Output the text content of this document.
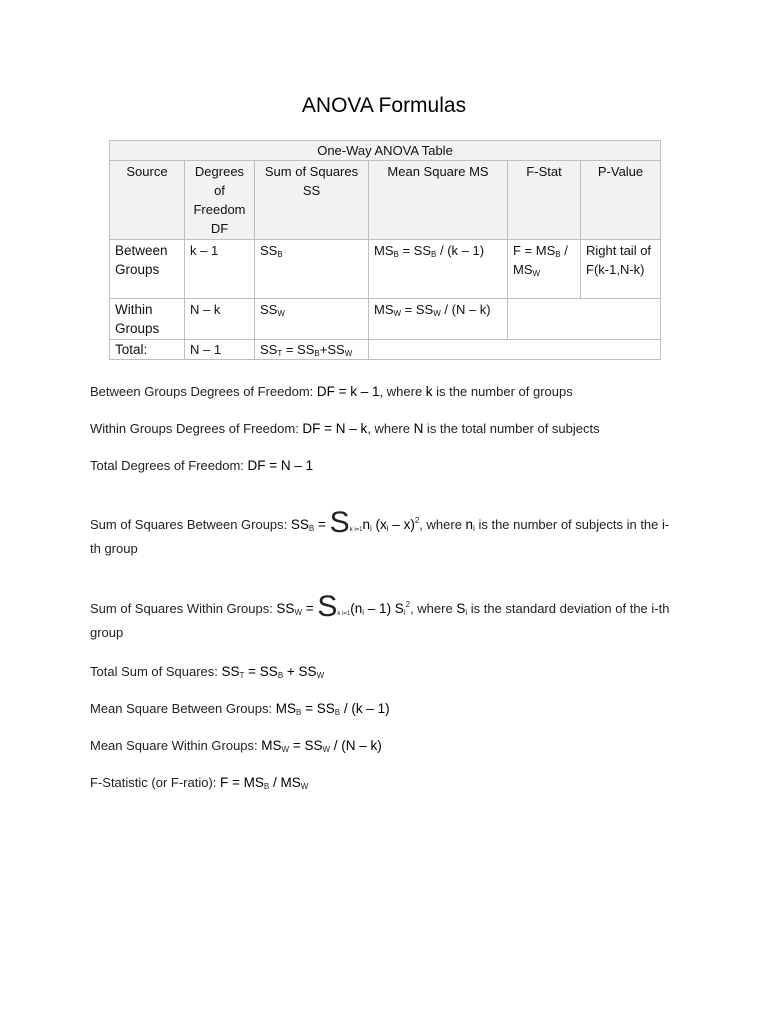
ANOVA Formulas
One-Way ANOVA Table					
Source	Degrees of Freedom DF	Sum of Squares SS	Mean Square MS	F-Stat	P-Value
Between Groups	k – 1	$SS_B$	$MS_B = SS_B / (k - 1)$	$F = MS_B / MS_W$	Right tail of F(k-1,N-k)
Within Groups	N – k	$SS_W$	$MS_W = SS_W / (N - k)$		
Total:	N – 1	$SS_T = SS_B+SS_W$	
Between Groups Degrees of Freedom: DF = k – 1, where k is the number of groups
Within Groups Degrees of Freedom: DF = N – k, where N is the total number of subjects
Total Degrees of Freedom: DF = N – 1
Sum of Squares Between Groups: $SS_B = Sk$ $i=1n_i$ $(x_i - x)^2$, where $n_i$ is the number of subjects in the i-th group
Sum of Squares Within Groups: $SS_W = Sk$ $i=1(n_i - 1)$ $S_i^2$, where $S_i$ is the standard deviation of the i-th group
Total Sum of Squares: $SS_T = SS_B + SS_W$
Mean Square Between Groups: $MS_B = SS_B / (k - 1)$
Mean Square Within Groups: $MS_W = SS_W / (N - k)$
F-Statistic (or F-ratio): $F = MS_B / MS_W$
